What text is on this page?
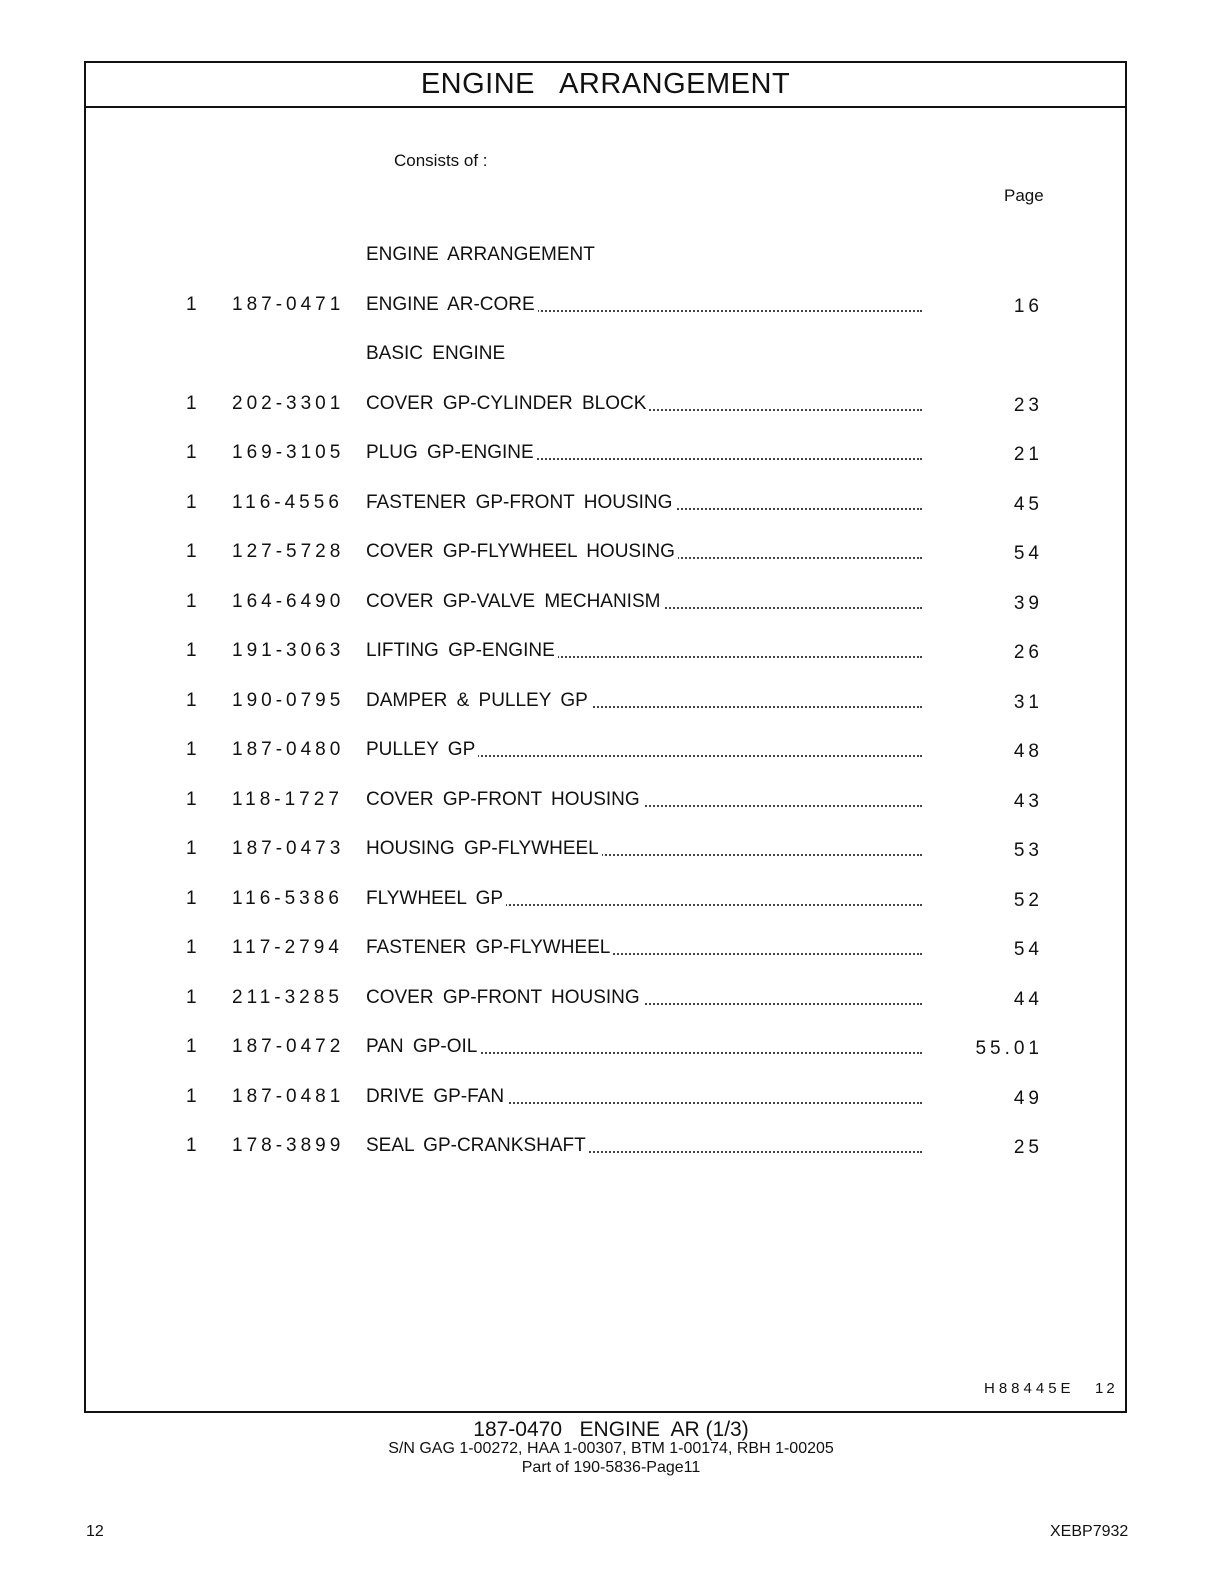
ENGINE   ARRANGEMENT
Consists of :
Page
ENGINE ARRANGEMENT
1 187-0471 ENGINE AR-CORE	16
BASIC ENGINE
1 202-3301 COVER GP-CYLINDER BLOCK	23
1 169-3105 PLUG GP-ENGINE	21
1 116-4556 FASTENER GP-FRONT HOUSING	45
1 127-5728 COVER GP-FLYWHEEL HOUSING	54
1 164-6490 COVER GP-VALVE MECHANISM	39
1 191-3063 LIFTING GP-ENGINE	26
1 190-0795 DAMPER & PULLEY GP	31
1 187-0480 PULLEY GP	48
1 118-1727 COVER GP-FRONT HOUSING	43
1 187-0473 HOUSING GP-FLYWHEEL	53
1 116-5386 FLYWHEEL GP	52
1 117-2794 FASTENER GP-FLYWHEEL	54
1 211-3285 COVER GP-FRONT HOUSING	44
1 187-0472 PAN GP-OIL	55.01
1 187-0481 DRIVE GP-FAN	49
1 178-3899 SEAL GP-CRANKSHAFT	25
H88445E 12
187-0470   ENGINE  AR (1/3)
S/N GAG 1-00272, HAA 1-00307, BTM 1-00174, RBH 1-00205
Part of 190-5836-Page11
12	XEBP7932
